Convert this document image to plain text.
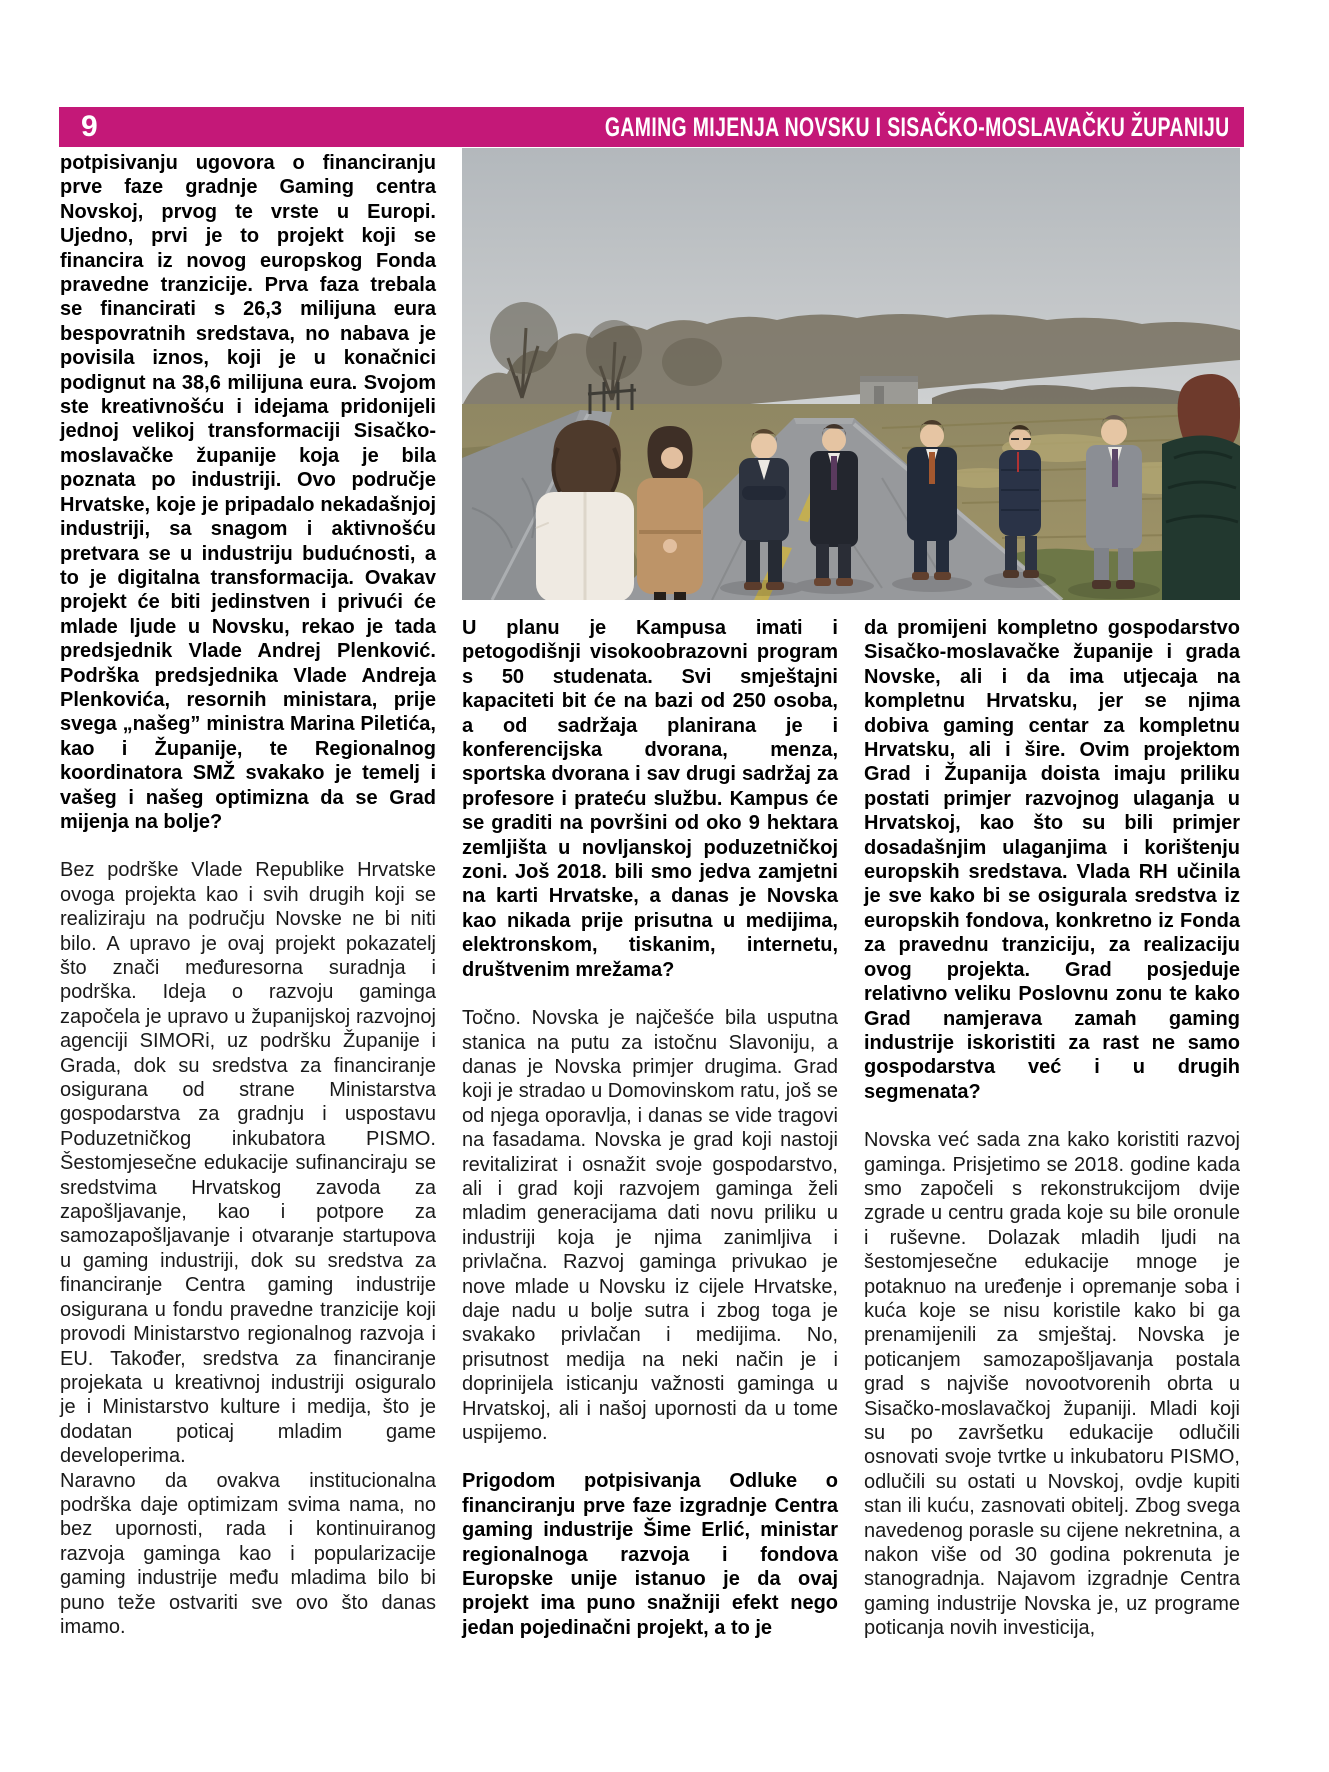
9	GAMING MIJENJA NOVSKU I SISAČKO-MOSLAVAČKU ŽUPANIJU

potpisivanju ugovora o financiranju prve faze gradnje Gaming centra Novskoj, prvog te vrste u Europi. Ujedno, prvi je to projekt koji se financira iz novog europskog Fonda pravedne tranzicije. Prva faza trebala se financirati s 26,3 milijuna eura bespovratnih sredstava, no nabava je povisila iznos, koji je u konačnici podignut na 38,6 milijuna eura. Svojom ste kreativnošću i idejama pridonijeli jednoj velikoj transformaciji Sisačko-moslavačke županije koja je bila poznata po industriji. Ovo područje Hrvatske, koje je pripadalo nekadašnjoj industriji, sa snagom i aktivnošću pretvara se u industriju budućnosti, a to je digitalna transformacija. Ovakav projekt će biti jedinstven i privući će mlade ljude u Novsku, rekao je tada predsjednik Vlade Andrej Plenković. Podrška predsjednika Vlade Andreja Plenkovića, resornih ministara, prije svega „našeg” ministra Marina Piletića, kao i Županije, te Regionalnog koordinatora SMŽ svakako je temelj i vašeg i našeg optimizna da se Grad mijenja na bolje?

Bez podrške Vlade Republike Hrvatske ovoga projekta kao i svih drugih koji se realiziraju na području Novske ne bi niti bilo. A upravo je ovaj projekt pokazatelj što znači međuresorna suradnja i podrška. Ideja o razvoju gaminga započela je upravo u županijskoj razvojnoj agenciji SIMORi, uz podršku Županije i Grada, dok su sredstva za financiranje osigurana od strane Ministarstva gospodarstva za gradnju i uspostavu Poduzetničkog inkubatora PISMO. Šestomjesečne edukacije sufinanciraju se sredstvima Hrvatskog zavoda za zapošljavanje, kao i potpore za samozapošljavanje i otvaranje startupova u gaming industriji, dok su sredstva za financiranje Centra gaming industrije osigurana u fondu pravedne tranzicije koji provodi Ministarstvo regionalnog razvoja i EU. Također, sredstva za financiranje projekata u kreativnoj industriji osiguralo je i Ministarstvo kulture i medija, što je dodatan poticaj mladim game developerima.

Naravno da ovakva institucionalna podrška daje optimizam svima nama, no bez upornosti, rada i kontinuiranog razvoja gaminga kao i popularizacije gaming industrije među mladima bilo bi puno teže ostvariti sve ovo što danas imamo.

U planu je Kampusa imati i petogodišnji visokoobrazovni program s 50 studenata. Svi smještajni kapaciteti bit će na bazi od 250 osoba, a od sadržaja planirana je i konferencijska dvorana, menza, sportska dvorana i sav drugi sadržaj za profesore i prateću službu. Kampus će se graditi na površini od oko 9 hektara zemljišta u novljanskoj poduzetničkoj zoni. Još 2018. bili smo jedva zamjetni na karti Hrvatske, a danas je Novska kao nikada prije prisutna u medijima, elektronskom, tiskanim, internetu, društvenim mrežama?

Točno. Novska je najčešće bila usputna stanica na putu za istočnu Slavoniju, a danas je Novska primjer drugima. Grad koji je stradao u Domovinskom ratu, još se od njega oporavlja, i danas se vide tragovi na fasadama. Novska je grad koji nastoji revitalizirat i osnažit svoje gospodarstvo, ali i grad koji razvojem gaminga želi mladim generacijama dati novu priliku u industriji koja je njima zanimljiva i privlačna. Razvoj gaminga privukao je nove mlade u Novsku iz cijele Hrvatske, daje nadu u bolje sutra i zbog toga je svakako privlačan i medijima. No, prisutnost medija na neki način je i doprinijela isticanju važnosti gaminga u Hrvatskoj, ali i našoj upornosti da u tome uspijemo.

Prigodom potpisivanja Odluke o financiranju prve faze izgradnje Centra gaming industrije Šime Erlić, ministar regionalnoga razvoja i fondova Europske unije istanuo je da ovaj projekt ima puno snažniji efekt nego jedan pojedinačni projekt, a to je

da promijeni kompletno gospodarstvo Sisačko-moslavačke županije i grada Novske, ali i da ima utjecaja na kompletnu Hrvatsku, jer se njima dobiva gaming centar za kompletnu Hrvatsku, ali i šire. Ovim projektom Grad i Županija doista imaju priliku postati primjer razvojnog ulaganja u Hrvatskoj, kao što su bili primjer dosadašnjim ulaganjima i korištenju europskih sredstava. Vlada RH učinila je sve kako bi se osigurala sredstva iz europskih fondova, konkretno iz Fonda za pravednu tranziciju, za realizaciju ovog projekta. Grad posjeduje relativno veliku Poslovnu zonu te kako Grad namjerava zamah gaming industrije iskoristiti za rast ne samo gospodarstva već i u drugih segmenata?

Novska već sada zna kako koristiti razvoj gaminga. Prisjetimo se 2018. godine kada smo započeli s rekonstrukcijom dvije zgrade u centru grada koje su bile oronule i ruševne. Dolazak mladih ljudi na šestomjesečne edukacije mnoge je potaknuo na uređenje i opremanje soba i kuća koje se nisu koristile kako bi ga prenamijenili za smještaj. Novska je poticanjem samozapošljavanja postala grad s najviše novootvorenih obrta u Sisačko-moslavačkoj županiji. Mladi koji su po završetku edukacije odlučili osnovati svoje tvrtke u inkubatoru PISMO, odlučili su ostati u Novskoj, ovdje kupiti stan ili kuću, zasnovati obitelj. Zbog svega navedenog porasle su cijene nekretnina, a nakon više od 30 godina pokrenuta je stanogradnja. Najavom izgradnje Centra gaming industrije Novska je, uz programe poticanja novih investicija,
